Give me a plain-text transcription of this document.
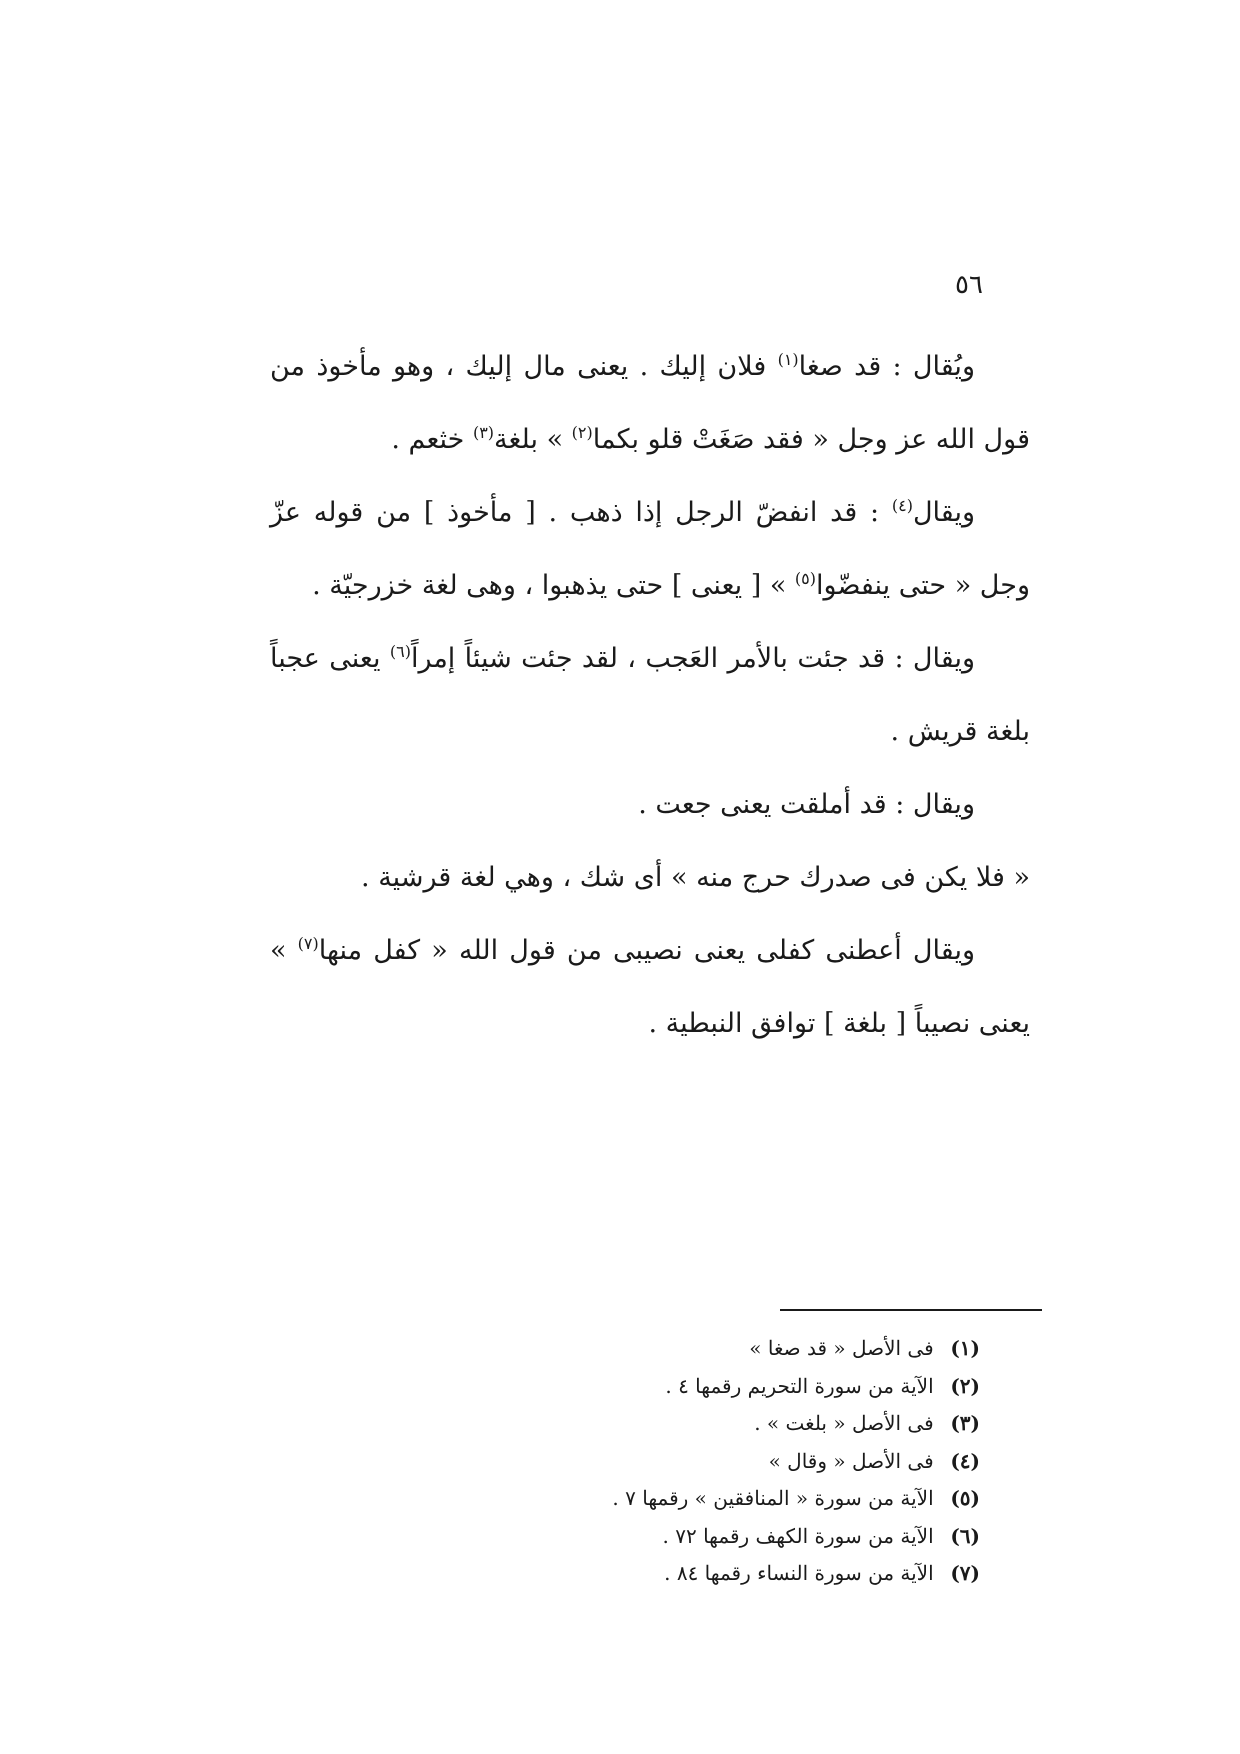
٥٦

ويُقال : قد صغا$^{(١)}$ فلان إليك . يعنى مال إليك ، وهو مأخوذ من قول الله عز وجل « فقد صَغَتْ قلو بكما$^{(٢)}$ » بلغة$^{(٣)}$ خثعم .

ويقال$^{(٤)}$ : قد انفضّ الرجل إذا ذهب . [ مأخوذ ] من قوله عزّ وجل « حتى ينفضّوا$^{(٥)}$ » [ يعنى ] حتى يذهبوا ، وهى لغة خزرجيّة .

ويقال : قد جئت بالأمر العَجب ، لقد جئت شيئاً إمراً$^{(٦)}$ يعنى عجباً بلغة قريش .

ويقال : قد أملقت يعنى جعت .

« فلا يكن فى صدرك حرج منه » أى شك ، وهي لغة قرشية .

ويقال أعطنى كفلى يعنى نصيبى من قول الله « كفل منها$^{(٧)}$ » يعنى نصيباً [ بلغة ] توافق النبطية .

(١) فى الأصل « قد صغا »
(٢) الآية من سورة التحريم رقمها ٤ .
(٣) فى الأصل « بلغت » .
(٤) فى الأصل « وقال »
(٥) الآية من سورة « المنافقين » رقمها ٧ .
(٦) الآية من سورة الكهف رقمها ٧٢ .
(٧) الآية من سورة النساء رقمها ٨٤ .
